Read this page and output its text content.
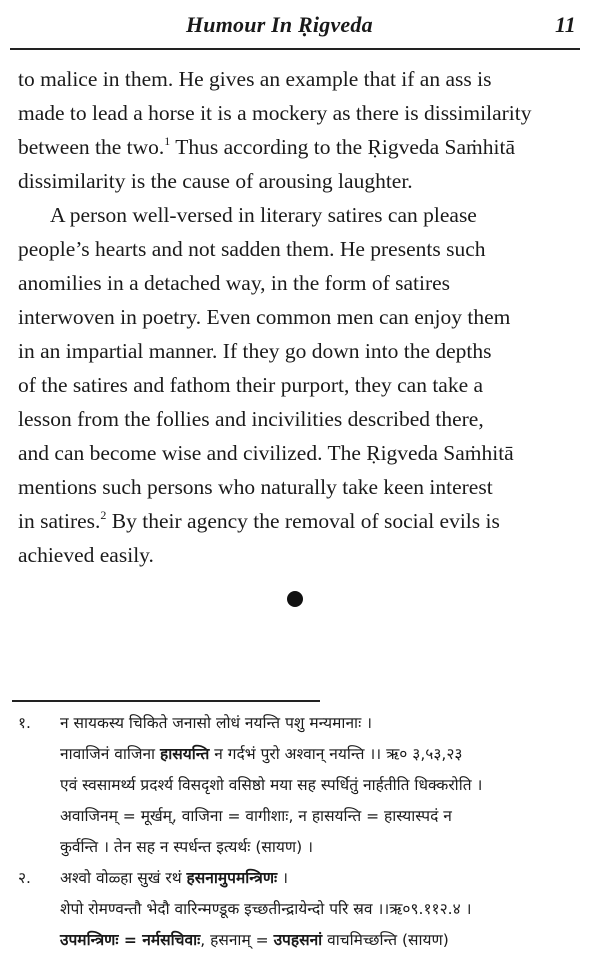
Humour In Ṛigveda	11
to malice in them. He gives an example that if an ass is
made to lead a horse it is a mockery as there is dissimilarity
between the two.$^1$ Thus according to the Ṛigveda Saṁhitā
dissimilarity is the cause of arousing laughter.
A person well-versed in literary satires can please
people’s hearts and not sadden them. He presents such
anomilies in a detached way, in the form of satires
interwoven in poetry. Even common men can enjoy them
in an impartial manner. If they go down into the depths
of the satires and fathom their purport, they can take a
lesson from the follies and incivilities described there,
and can become wise and civilized. The Ṛigveda Saṁhitā
mentions such persons who naturally take keen interest
in satires.$^2$ By their agency the removal of social evils is
achieved easily.
१. न सायकस्य चिकिते जनासो लोधं नयन्ति पशु मन्यमानाः ।
नावाजिनं वाजिना हासयन्ति न गर्दभं पुरो अश्वान् नयन्ति ।। ऋ० ३,५३,२३
एवं स्वसामर्थ्य प्रदर्श्य विसदृशो वसिष्ठो मया सह स्पर्धितुं नार्हतीति धिक्करोति ।
अवाजिनम् = मूर्खम्, वाजिना = वागीशाः, न हासयन्ति = हास्यास्पदं न
कुर्वन्ति । तेन सह न स्पर्धन्त इत्यर्थः (सायण) ।
२. अश्वो वोळ्हा सुखं रथं हसनामुपमन्त्रिणः ।
शेपो रोमण्वन्तौ भेदौ वारिन्मण्डूक इच्छतीन्द्रायेन्दो परि स्रव ।।ऋ०९.११२.४ ।
उपमन्त्रिणः = नर्मसचिवाः, हसनाम् = उपहसनां वाचमिच्छन्ति (सायण)
